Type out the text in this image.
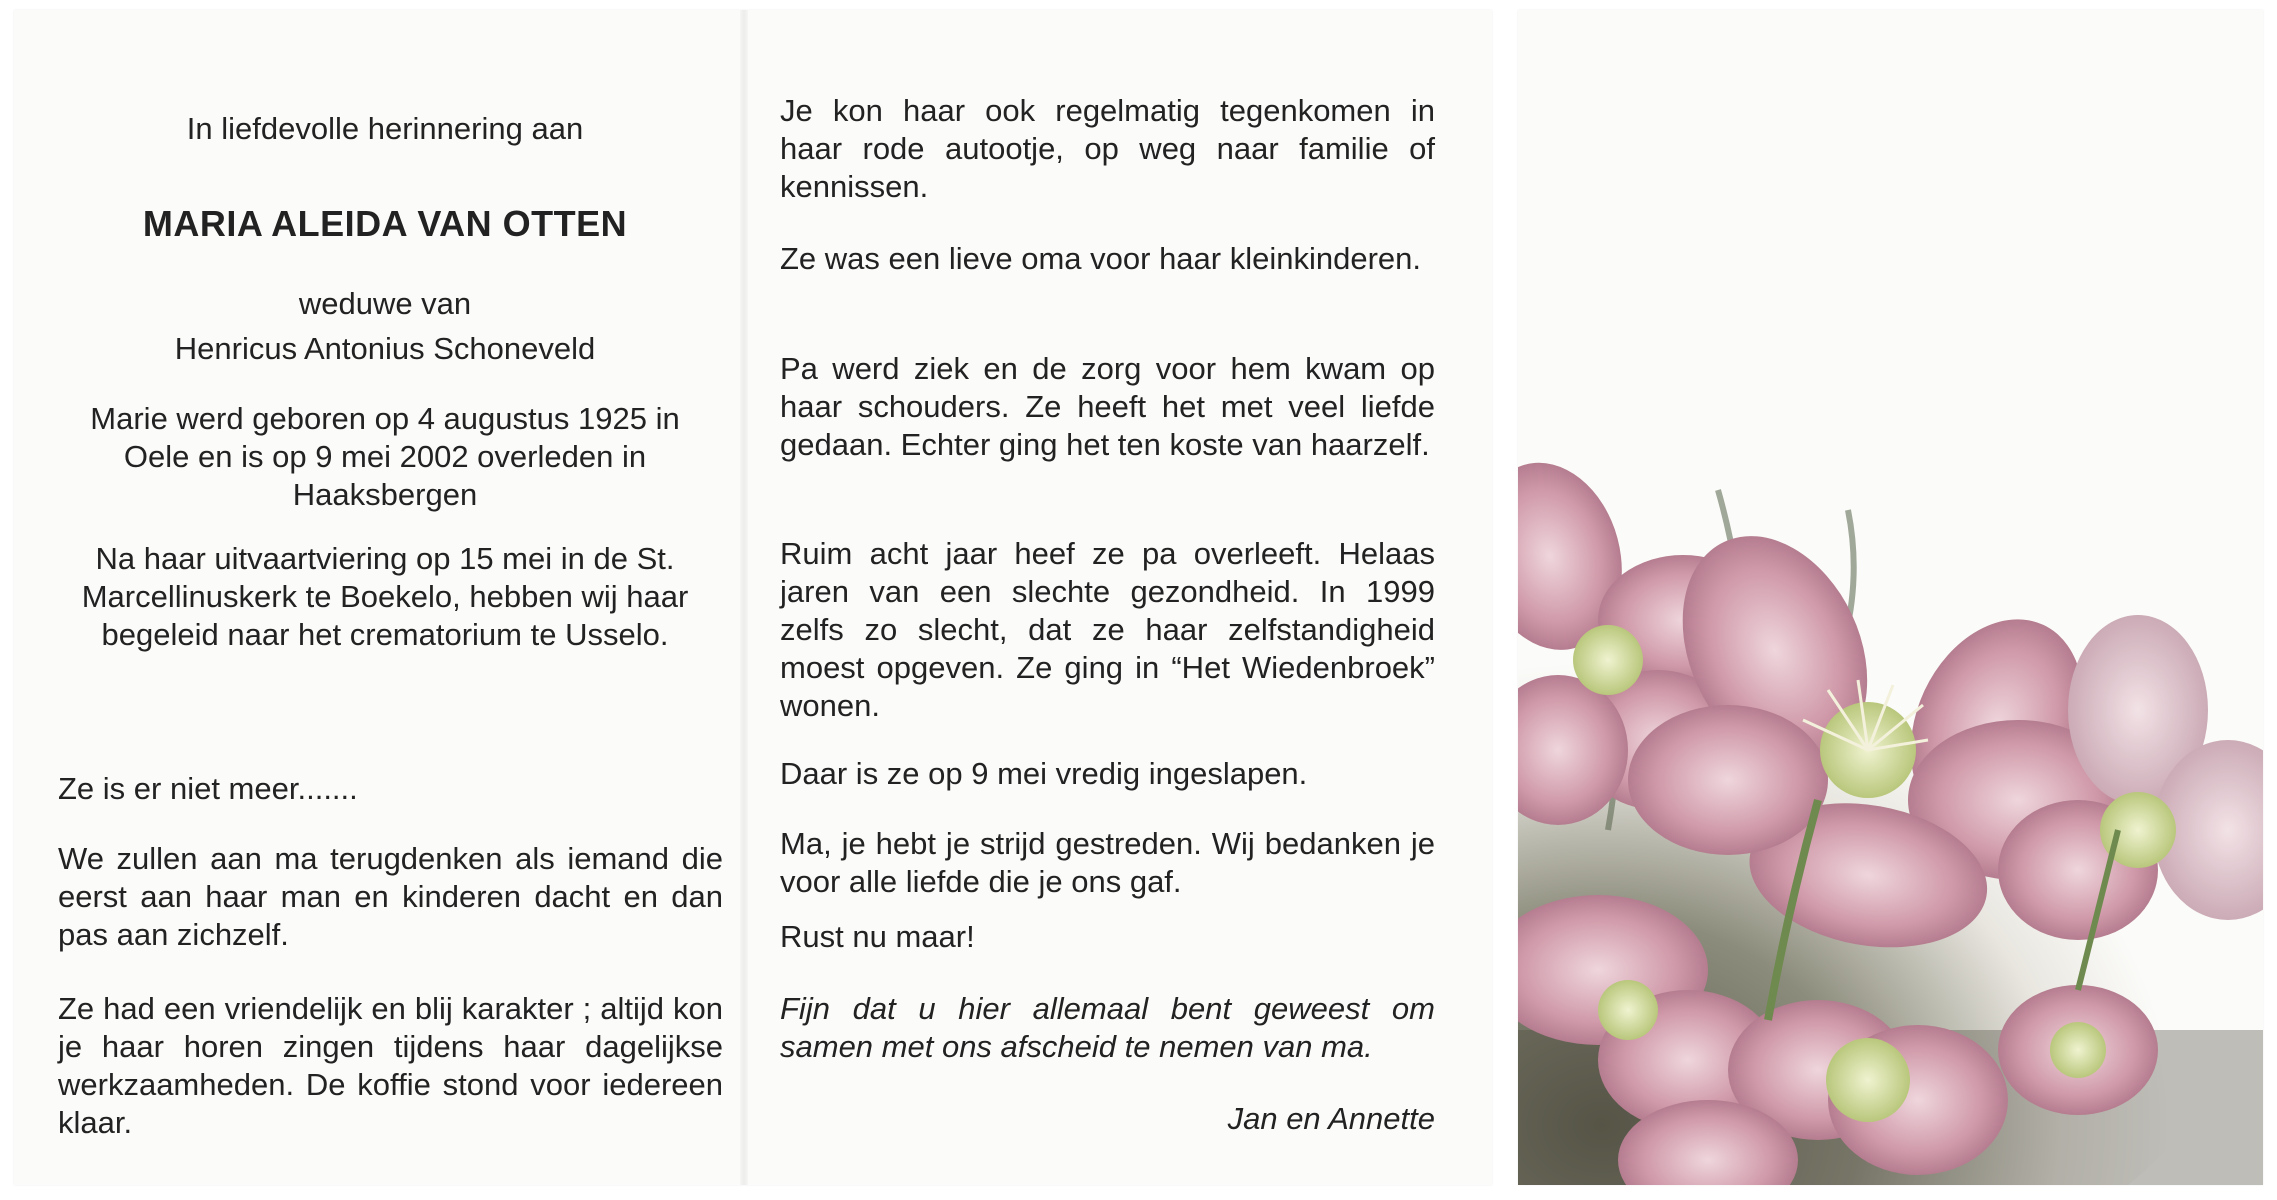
In liefdevolle herinnering aan

MARIA ALEIDA VAN OTTEN

weduwe van

Henricus Antonius Schoneveld

Marie werd geboren op 4 augustus 1925 in Oele en is op 9 mei 2002 overleden in Haaksbergen

Na haar uitvaartviering op 15 mei in de St. Marcellinuskerk te Boekelo, hebben wij haar begeleid naar het crematorium te Usselo.

Ze is er niet meer.......

We zullen aan ma terugdenken als iemand die eerst aan haar man en kinderen dacht en dan pas aan zichzelf.

Ze had een vriendelijk en blij karakter ; altijd kon je haar horen zingen tijdens haar dagelijkse werkzaamheden. De koffie stond voor iedereen klaar.

Je kon haar ook regelmatig tegenkomen in haar rode autootje, op weg naar familie of kennissen.

Ze was een lieve oma voor haar kleinkinderen.

Pa werd ziek en de zorg voor hem kwam op haar schouders. Ze heeft het met veel liefde gedaan. Echter ging het ten koste van haarzelf.

Ruim acht jaar heef ze pa overleeft. Helaas jaren van een slechte gezondheid. In 1999 zelfs zo slecht, dat ze haar zelfstandigheid moest opgeven. Ze ging in “Het Wiedenbroek” wonen.

Daar is ze op 9 mei vredig ingeslapen.

Ma, je hebt je strijd gestreden. Wij bedanken je voor alle liefde die je ons gaf.

Rust nu maar!

Fijn dat u hier allemaal bent geweest om samen met ons afscheid te nemen van ma.

Jan en Annette
